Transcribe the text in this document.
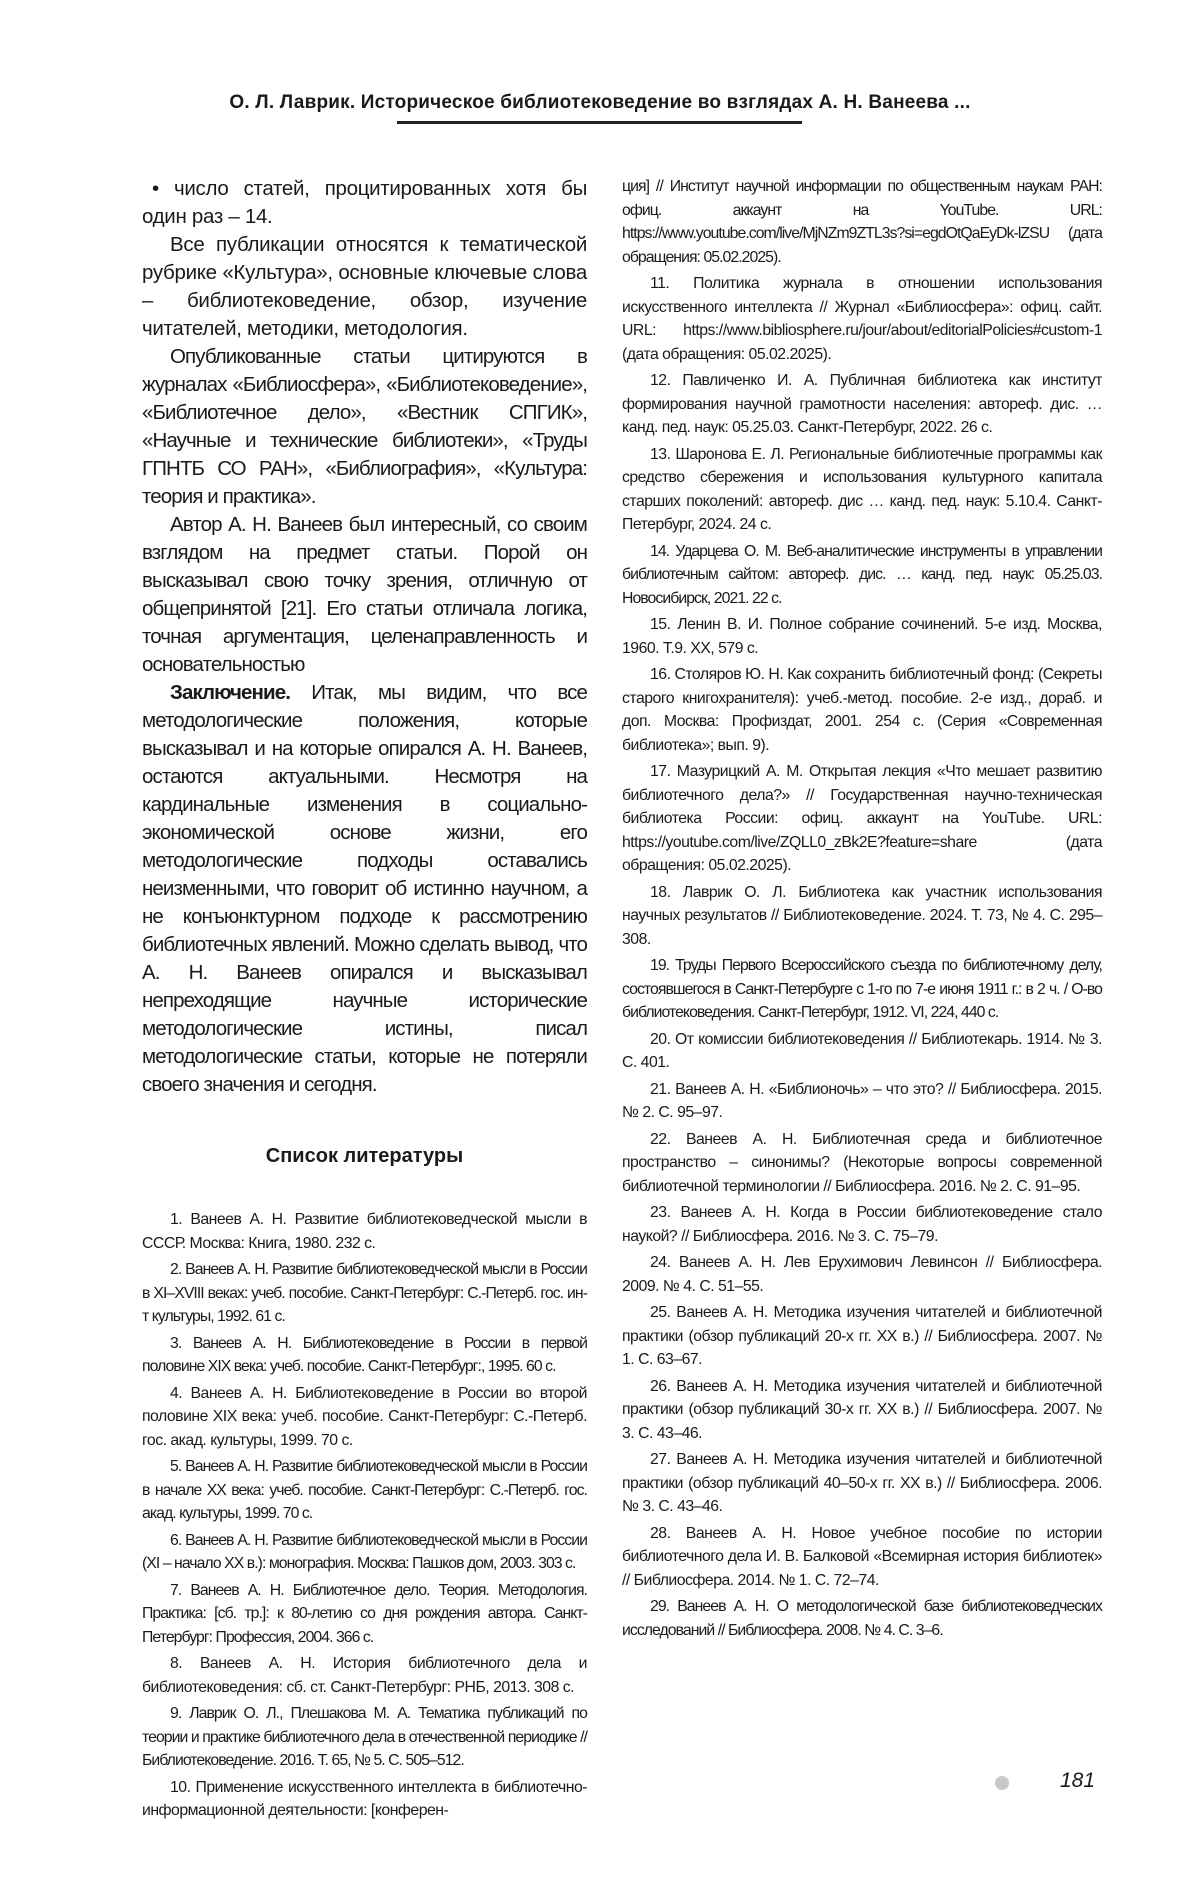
О. Л. Лаврик. Историческое библиотековедение во взглядах А. Н. Ванеева ...

• число статей, процитированных хотя бы один раз – 14.

Все публикации относятся к тематической рубрике «Культура», основные ключевые слова – библиотековедение, обзор, изучение читателей, методики, методология.

Опубликованные статьи цитируются в журналах «Библиосфера», «Библиотековедение», «Библиотечное дело», «Вестник СПГИК», «Научные и технические библиотеки», «Труды ГПНТБ СО РАН», «Библиография», «Культура: теория и практика».

Автор А. Н. Ванеев был интересный, со своим взглядом на предмет статьи. Порой он высказывал свою точку зрения, отличную от общепринятой [21]. Его статьи отличала логика, точная аргументация, целенаправленность и основательностью

Заключение. Итак, мы видим, что все методологические положения, которые высказывал и на которые опирался А. Н. Ванеев, остаются актуальными. Несмотря на кардинальные изменения в социально-экономической основе жизни, его методологические подходы оставались неизменными, что говорит об истинно научном, а не конъюнктурном подходе к рассмотрению библиотечных явлений. Можно сделать вывод, что А. Н. Ванеев опирался и высказывал непреходящие научные исторические методологические истины, писал методологические статьи, которые не потеряли своего значения и сегодня.

Список литературы

1. Ванеев А. Н. Развитие библиотековедческой мысли в СССР. Москва: Книга, 1980. 232 с.

2. Ванеев А. Н. Развитие библиотековедческой мысли в России в XI–XVIII веках: учеб. пособие. Санкт-Петербург: С.-Петерб. гос. ин-т культуры, 1992. 61 с.

3. Ванеев А. Н. Библиотековедение в России в первой половине XIX века: учеб. пособие. Санкт-Петербург:, 1995. 60 с.

4. Ванеев А. Н. Библиотековедение в России во второй половине XIX века: учеб. пособие. Санкт-Петербург: С.-Петерб. гос. акад. культуры, 1999. 70 с.

5. Ванеев А. Н. Развитие библиотековедческой мысли в России в начале XX века: учеб. пособие. Санкт-Петербург: С.-Петерб. гос. акад. культуры, 1999. 70 с.

6. Ванеев А. Н. Развитие библиотековедческой мысли в России (XI – начало XX в.): монография. Москва: Пашков дом, 2003. 303 с.

7. Ванеев А. Н. Библиотечное дело. Теория. Методология. Практика: [сб. тр.]: к 80-летию со дня рождения автора. Санкт-Петербург: Профессия, 2004. 366 с.

8. Ванеев А. Н. История библиотечного дела и библиотековедения: сб. ст. Санкт-Петербург: РНБ, 2013. 308 с.

9. Лаврик О. Л., Плешакова М. А. Тематика публикаций по теории и практике библиотечного дела в отечественной периодике // Библиотековедение. 2016. Т. 65, № 5. С. 505–512.

10. Применение искусственного интеллекта в библиотечно-информационной деятельности: [конферен-

ция] // Институт научной информации по общественным наукам РАН: офиц. аккаунт на YouTube. URL: https://www.youtube.com/live/MjNZm9ZTL3s?si=egdOtQaEyDk-lZSU (дата обращения: 05.02.2025).

11. Политика журнала в отношении использования искусственного интеллекта // Журнал «Библиосфера»: офиц. сайт. URL: https://www.bibliosphere.ru/jour/about/editorialPolicies#custom-1 (дата обращения: 05.02.2025).

12. Павличенко И. А. Публичная библиотека как институт формирования научной грамотности населения: автореф. дис. … канд. пед. наук: 05.25.03. Санкт-Петербург, 2022. 26 с.

13. Шаронова Е. Л. Региональные библиотечные программы как средство сбережения и использования культурного капитала старших поколений: автореф. дис … канд. пед. наук: 5.10.4. Санкт-Петербург, 2024. 24 с.

14. Ударцева О. М. Веб-аналитические инструменты в управлении библиотечным сайтом: автореф. дис. … канд. пед. наук: 05.25.03. Новосибирск, 2021. 22 с.

15. Ленин В. И. Полное собрание сочинений. 5-е изд. Москва, 1960. Т.9. XX, 579 с.

16. Столяров Ю. Н. Как сохранить библиотечный фонд: (Секреты старого книгохранителя): учеб.-метод. пособие. 2-е изд., дораб. и доп. Москва: Профиздат, 2001. 254 с. (Серия «Современная библиотека»; вып. 9).

17. Мазурицкий А. М. Открытая лекция «Что мешает развитию библиотечного дела?» // Государственная научно-техническая библиотека России: офиц. аккаунт на YouTube. URL: https://youtube.com/live/ZQLL0_zBk2E?feature=share (дата обращения: 05.02.2025).

18. Лаврик О. Л. Библиотека как участник использования научных результатов // Библиотековедение. 2024. Т. 73, № 4. С. 295–308.

19. Труды Первого Всероссийского съезда по библиотечному делу, состоявшегося в Санкт-Петербурге с 1-го по 7-е июня 1911 г.: в 2 ч. / О-во библиотековедения. Санкт-Петербург, 1912. VI, 224, 440 с.

20. От комиссии библиотековедения // Библиотекарь. 1914. № 3. С. 401.

21. Ванеев А. Н. «Библионочь» – что это? // Библиосфера. 2015. № 2. С. 95–97.

22. Ванеев А. Н. Библиотечная среда и библиотечное пространство – синонимы? (Некоторые вопросы современной библиотечной терминологии // Библиосфера. 2016. № 2. С. 91–95.

23. Ванеев А. Н. Когда в России библиотековедение стало наукой? // Библиосфера. 2016. № 3. С. 75–79.

24. Ванеев А. Н. Лев Ерухимович Левинсон // Библиосфера. 2009. № 4. С. 51–55.

25. Ванеев А. Н. Методика изучения читателей и библиотечной практики (обзор публикаций 20-х гг. XX в.) // Библиосфера. 2007. № 1. С. 63–67.

26. Ванеев А. Н. Методика изучения читателей и библиотечной практики (обзор публикаций 30-х гг. XX в.) // Библиосфера. 2007. № 3. С. 43–46.

27. Ванеев А. Н. Методика изучения читателей и библиотечной практики (обзор публикаций 40–50-х гг. XX в.) // Библиосфера. 2006. № 3. С. 43–46.

28. Ванеев А. Н. Новое учебное пособие по истории библиотечного дела И. В. Балковой «Всемирная история библиотек» // Библиосфера. 2014. № 1. С. 72–74.

29. Ванеев А. Н. О методологической базе библиотековедческих исследований // Библиосфера. 2008. № 4. С. 3–6.

181
